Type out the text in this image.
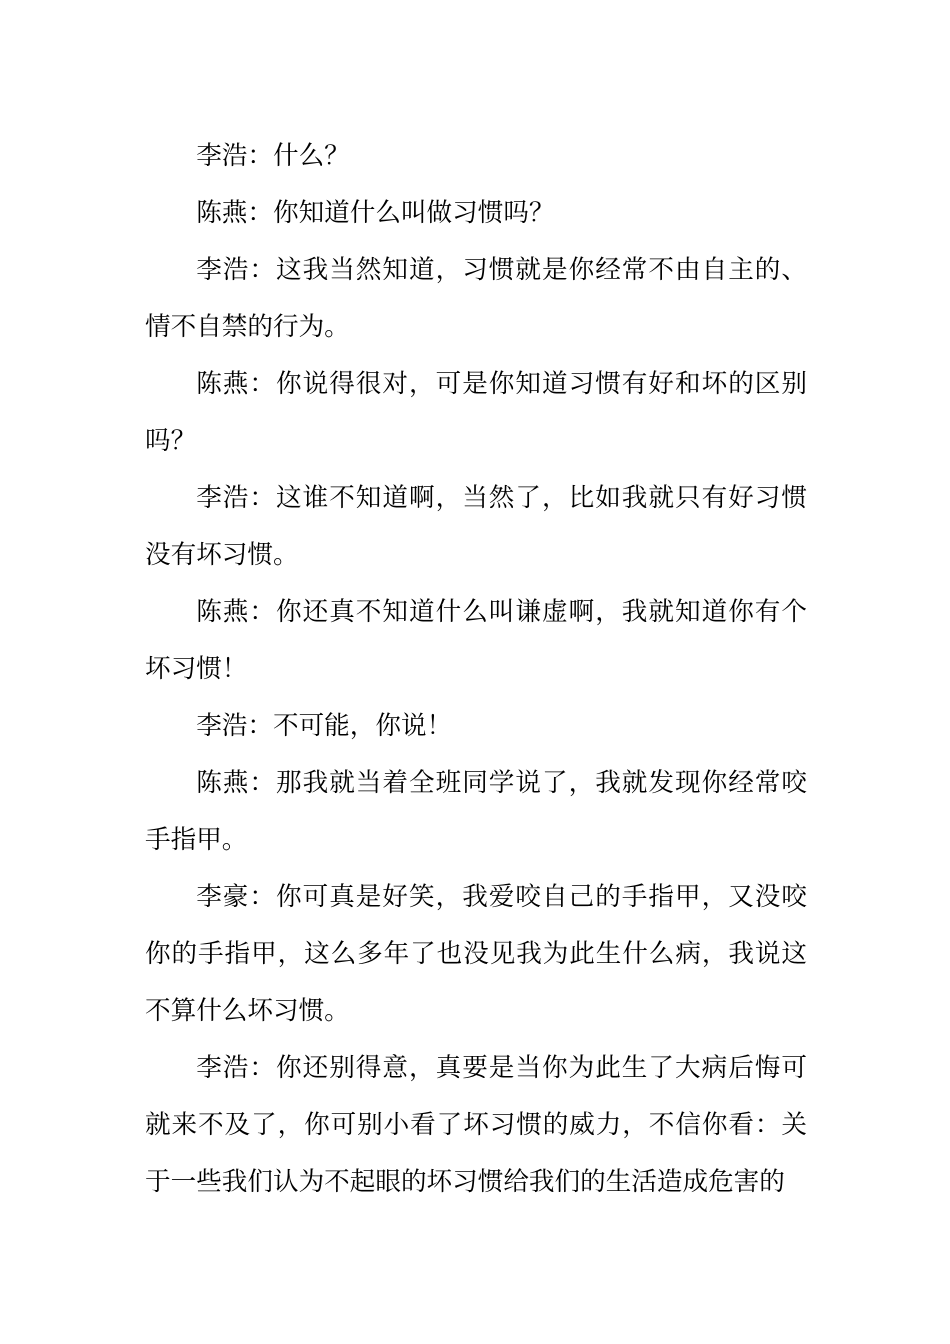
李浩：什么？

陈燕：你知道什么叫做习惯吗？

李浩：这我当然知道，习惯就是你经常不由自主的、情不自禁的行为。

陈燕：你说得很对，可是你知道习惯有好和坏的区别吗？

李浩：这谁不知道啊，当然了，比如我就只有好习惯没有坏习惯。

陈燕：你还真不知道什么叫谦虚啊，我就知道你有个坏习惯！

李浩：不可能，你说！

陈燕：那我就当着全班同学说了，我就发现你经常咬手指甲。

李豪：你可真是好笑，我爱咬自己的手指甲，又没咬你的手指甲，这么多年了也没见我为此生什么病，我说这不算什么坏习惯。

李浩：你还别得意，真要是当你为此生了大病后悔可就来不及了，你可别小看了坏习惯的威力，不信你看：关于一些我们认为不起眼的坏习惯给我们的生活造成危害的
